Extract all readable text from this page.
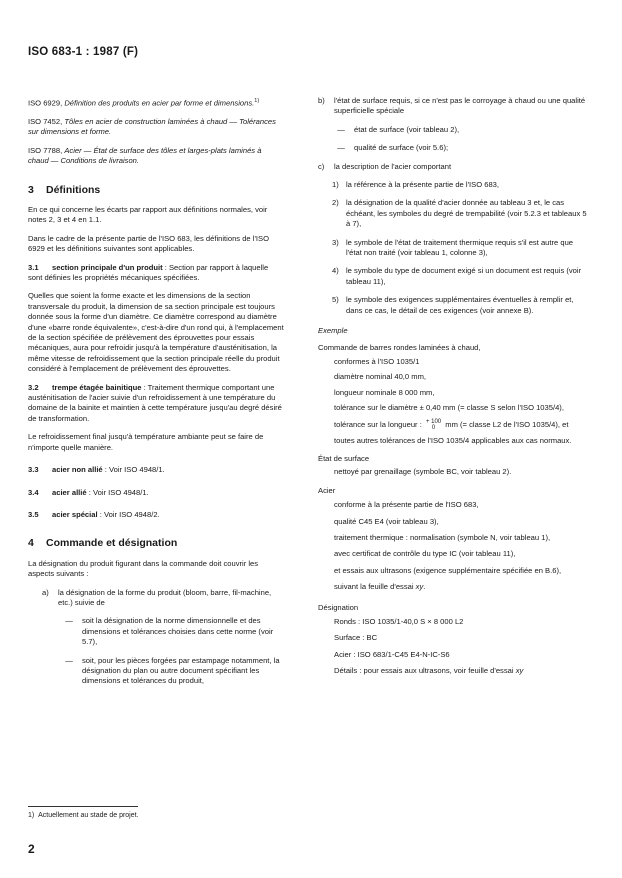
ISO 683-1 : 1987 (F)

ISO 6929, Définition des produits en acier par forme et dimensions.$^{1)}$

ISO 7452, Tôles en acier de construction laminées à chaud — Tolérances sur dimensions et forme.

ISO 7788, Acier — État de surface des tôles et larges-plats laminés à chaud — Conditions de livraison.

3 Définitions

En ce qui concerne les écarts par rapport aux définitions normales, voir notes 2, 3 et 4 en 1.1.

Dans le cadre de la présente partie de l'ISO 683, les définitions de l'ISO 6929 et les définitions suivantes sont applicables.

3.1 section principale d'un produit : Section par rapport à laquelle sont définies les propriétés mécaniques spécifiées.

Quelles que soient la forme exacte et les dimensions de la section transversale du produit, la dimension de sa section principale est toujours donnée sous la forme d'un diamètre. Ce diamètre correspond au diamètre d'une «barre ronde équivalente», c'est-à-dire d'un rond qui, à l'emplacement de la section spécifiée de prélèvement des éprouvettes pour essais mécaniques, aura pour refroidir jusqu'à la température d'austénitisation, la même vitesse de refroidissement que la section principale réelle du produit considéré à l'emplacement de prélèvement des éprouvettes.

3.2 trempe étagée bainitique : Traitement thermique comportant une austénitisation de l'acier suivie d'un refroidissement à une température du domaine de la bainite et maintien à cette température jusqu'au degré désiré de transformation.

Le refroidissement final jusqu'à température ambiante peut se faire de n'importe quelle manière.

3.3 acier non allié : Voir ISO 4948/1.

3.4 acier allié : Voir ISO 4948/1.

3.5 acier spécial : Voir ISO 4948/2.

4 Commande et désignation

La désignation du produit figurant dans la commande doit couvrir les aspects suivants :

a)	la désignation de la forme du produit (bloom, barre, fil-machine, etc.) suivie de
—	soit la désignation de la norme dimensionnelle et des dimensions et tolérances choisies dans cette norme (voir 5.7),
—	soit, pour les pièces forgées par estampage notamment, la désignation du plan ou autre document spécifiant les dimensions et tolérances du produit,
b)	l'état de surface requis, si ce n'est pas le corroyage à chaud ou une qualité superficielle spéciale
—	état de surface (voir tableau 2),
—	qualité de surface (voir 5.6);
c)	la description de l'acier comportant
1) la référence à la présente partie de l'ISO 683,
2) la désignation de la qualité d'acier donnée au tableau 3 et, le cas échéant, les symboles du degré de trempabilité (voir 5.2.3 et tableaux 5 à 7),
3) le symbole de l'état de traitement thermique requis s'il est autre que l'état non traité (voir tableau 1, colonne 3),
4) le symbole du type de document exigé si un document est requis (voir tableau 11),
5) le symbole des exigences supplémentaires éventuelles à remplir et, dans ce cas, le détail de ces exigences (voir annexe B).
Exemple
Commande de barres rondes laminées à chaud,
conformes à l'ISO 1035/1
diamètre nominal 40,0 mm,
longueur nominale 8 000 mm,
tolérance sur le diamètre ± 0,40 mm (= classe S selon l'ISO 1035/4),
tolérance sur la longueur : + 100
0	mm (= classe L2 de l'ISO 1035/4), et
toutes autres tolérances de l'ISO 1035/4 applicables aux cas normaux.
État de surface
nettoyé par grenaillage (symbole BC, voir tableau 2).
Acier
conforme à la présente partie de l'ISO 683,
qualité C45 E4 (voir tableau 3),
traitement thermique : normalisation (symbole N, voir tableau 1),
avec certificat de contrôle du type IC (voir tableau 11),
et essais aux ultrasons (exigence supplémentaire spécifiée en B.6),
suivant la feuille d'essai xy.
Désignation
Ronds : ISO 1035/1-40,0 S × 8 000 L2
Surface : BC
Acier : ISO 683/1-C45 E4-N-IC-S6
Détails : pour essais aux ultrasons, voir feuille d'essai xy
1) Actuellement au stade de projet.
2
